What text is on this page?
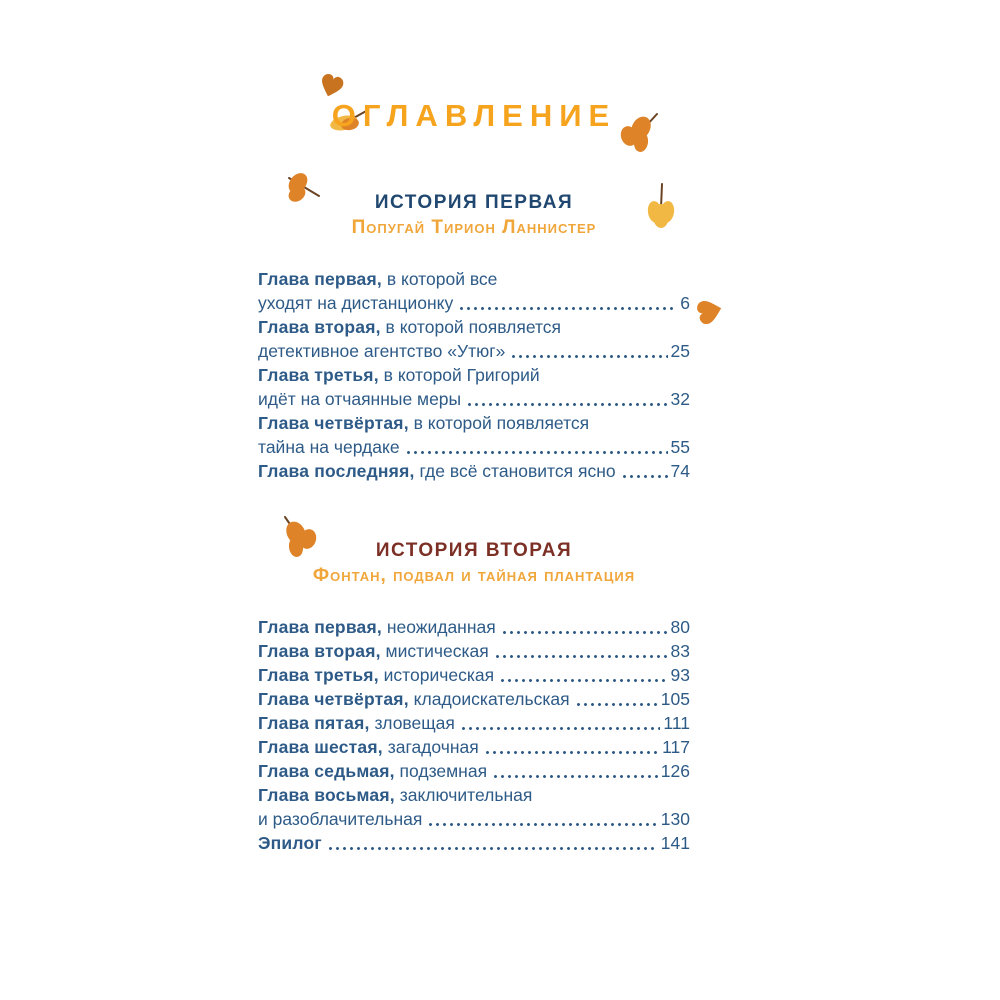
ОГЛАВЛЕНИЕ
ИСТОРИЯ ПЕРВАЯ
Попугай Тирион Ланнистер
Глава первая, в которой все
уходят на дистанционку	6
Глава вторая, в которой появляется
детективное агентство «Утюг»	25
Глава третья, в которой Григорий
идёт на отчаянные меры	32
Глава четвёртая, в которой появляется
тайна на чердаке	55
Глава последняя, где всё становится ясно	74
ИСТОРИЯ ВТОРАЯ
Фонтан, подвал и тайная плантация
Глава первая, неожиданная	80
Глава вторая, мистическая	83
Глава третья, историческая	93
Глава четвёртая, кладоискательская	105
Глава пятая, зловещая	111
Глава шестая, загадочная	117
Глава седьмая, подземная	126
Глава восьмая, заключительная
и разоблачительная	130
Эпилог	141
